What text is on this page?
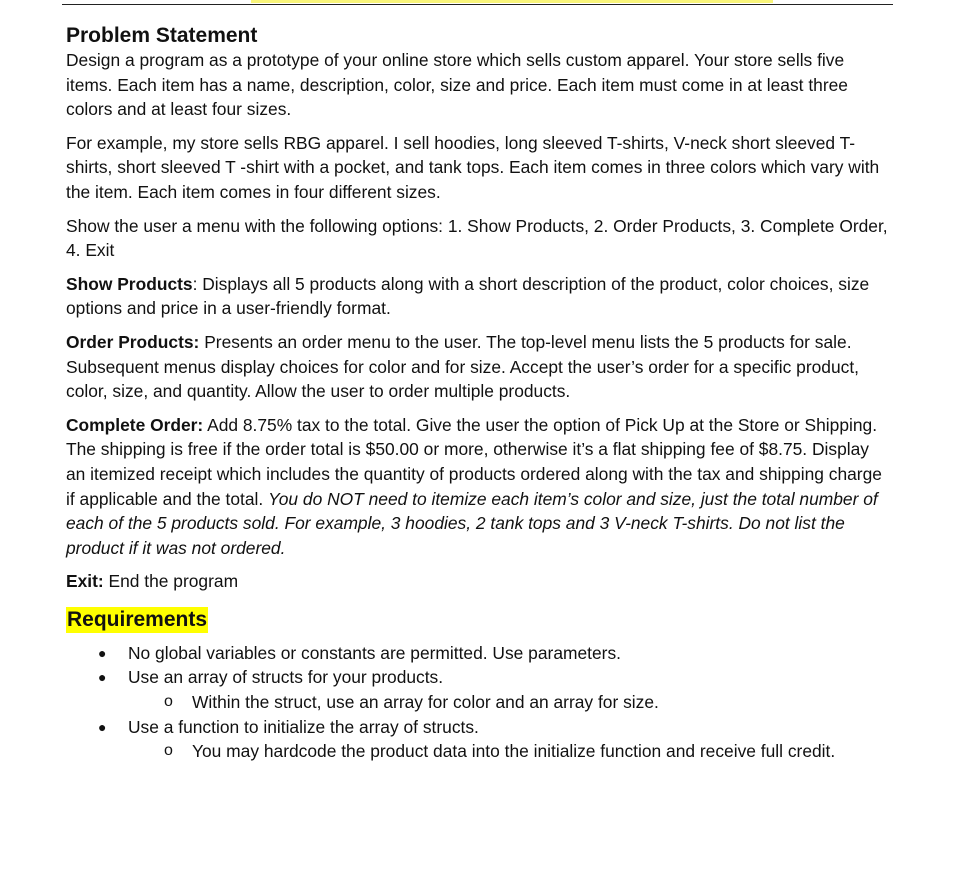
Problem Statement

Design a program as a prototype of your online store which sells custom apparel. Your store sells five items. Each item has a name, description, color, size and price. Each item must come in at least three colors and at least four sizes.

For example, my store sells RBG apparel. I sell hoodies, long sleeved T-shirts, V-neck short sleeved T-shirts, short sleeved T -shirt with a pocket, and tank tops. Each item comes in three colors which vary with the item. Each item comes in four different sizes.

Show the user a menu with the following options: 1. Show Products, 2. Order Products, 3. Complete Order, 4. Exit

Show Products: Displays all 5 products along with a short description of the product, color choices, size options and price in a user-friendly format.

Order Products: Presents an order menu to the user. The top-level menu lists the 5 products for sale. Subsequent menus display choices for color and for size. Accept the user’s order for a specific product, color, size, and quantity. Allow the user to order multiple products.

Complete Order: Add 8.75% tax to the total. Give the user the option of Pick Up at the Store or Shipping. The shipping is free if the order total is $50.00 or more, otherwise it’s a flat shipping fee of $8.75. Display an itemized receipt which includes the quantity of products ordered along with the tax and shipping charge if applicable and the total. You do NOT need to itemize each item’s color and size, just the total number of each of the 5 products sold. For example, 3 hoodies, 2 tank tops and 3 V-neck T-shirts. Do not list the product if it was not ordered.

Exit: End the program

Requirements
● No global variables or constants are permitted. Use parameters.
● Use an array of structs for your products.
o Within the struct, use an array for color and an array for size.
● Use a function to initialize the array of structs.
o You may hardcode the product data into the initialize function and receive full credit.
